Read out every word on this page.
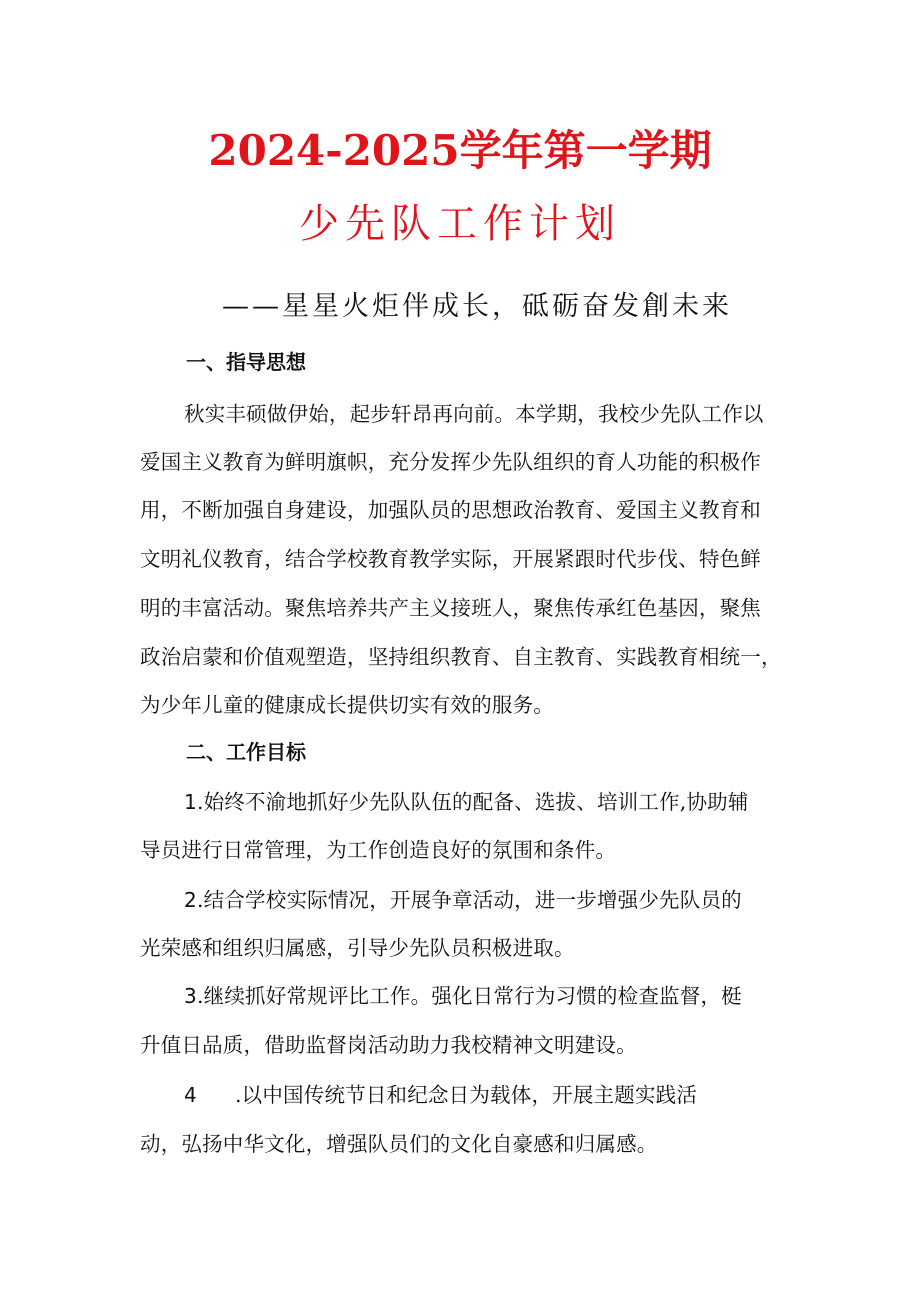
2024-2025学年第一学期
少先队工作计划
——星星火炬伴成长，砥砺奋发創未来
一、指导思想
秋实丰硕做伊始，起步轩昂再向前。本学期，我校少先队工作以
爱国主义教育为鲜明旗帜，充分发挥少先队组织的育人功能的积极作
用，不断加强自身建设，加强队员的思想政治教育、爱国主义教育和
文明礼仪教育，结合学校教育教学实际，开展紧跟时代步伐、特色鲜
明的丰富活动。聚焦培养共产主义接班人，聚焦传承红色基因，聚焦
政治启蒙和价值观塑造，坚持组织教育、自主教育、实践教育相统一，
为少年儿童的健康成长提供切实有效的服务。
二、工作目标
1.始终不渝地抓好少先队队伍的配备、选拔、培训工作,协助辅
导员进行日常管理，为工作创造良好的氛围和条件。
2.结合学校实际情况，开展争章活动，进一步增强少先队员的
光荣感和组织归属感，引导少先队员积极进取。
3.继续抓好常规评比工作。强化日常行为习惯的检查监督，梃
升值日品质，借助监督岗活动助力我校精神文明建设。
4 .以中国传统节日和纪念日为载体，开展主题实践活
动，弘扬中华文化，增强队员们的文化自豪感和归属感。
